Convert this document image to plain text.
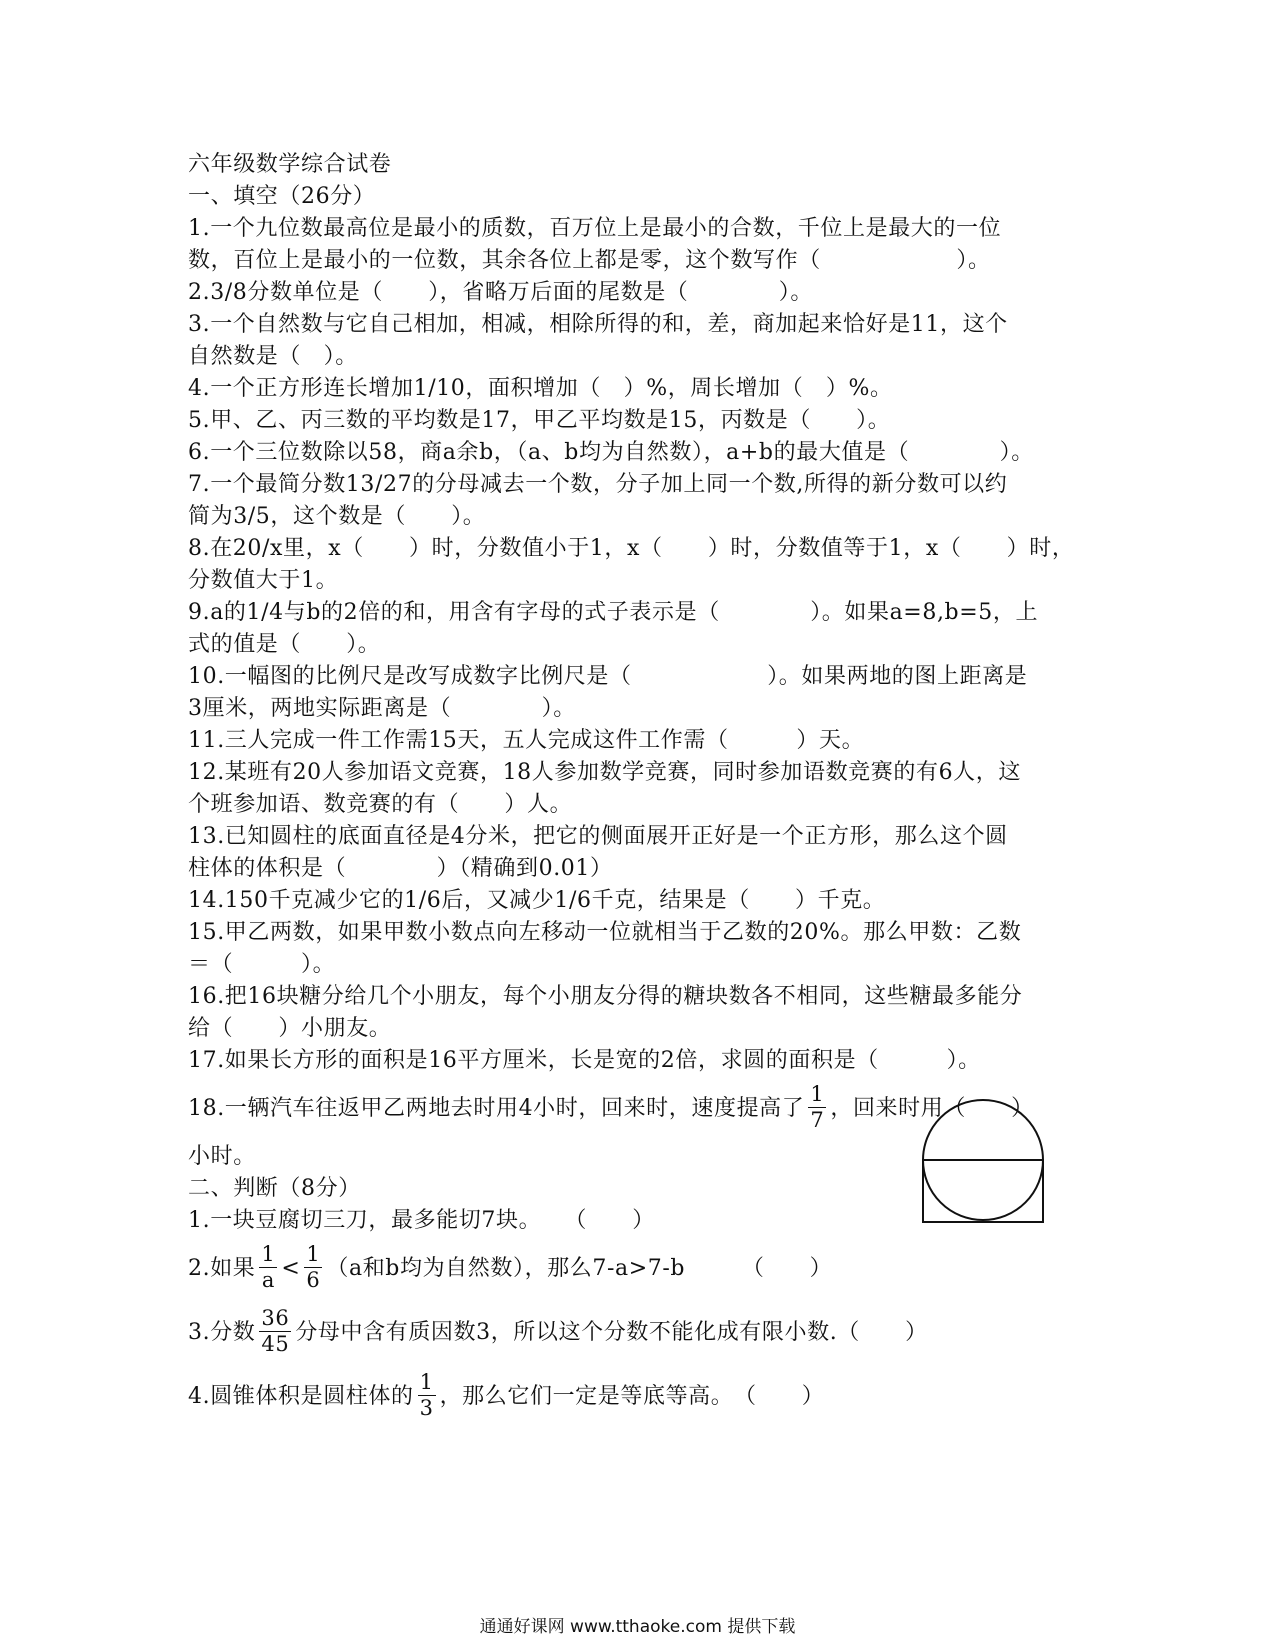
六年级数学综合试卷
一、填空（26分）
1.一个九位数最高位是最小的质数，百万位上是最小的合数，千位上是最大的一位
数，百位上是最小的一位数，其余各位上都是零，这个数写作（　　　　　　）。
2.3/8分数单位是（　　），省略万后面的尾数是（　　　　）。
3.一个自然数与它自己相加，相减，相除所得的和，差，商加起来恰好是11，这个
自然数是（　）。
4.一个正方形连长增加1/10，面积增加（　）%，周长增加（　）%。
5.甲、乙、丙三数的平均数是17，甲乙平均数是15，丙数是（　　）。
6.一个三位数除以58，商a余b，（a、b均为自然数），a+b的最大值是（　　　　）。
7.一个最简分数13/27的分母减去一个数，分子加上同一个数,所得的新分数可以约
简为3/5，这个数是（　　）。
8.在20/x里，x（　　）时，分数值小于1，x（　　）时，分数值等于1，x（　　）时，
分数值大于1。
9.a的1/4与b的2倍的和，用含有字母的式子表示是（　　　　）。如果a=8,b=5，上
式的值是（　　）。
10.一幅图的比例尺是改写成数字比例尺是（　　　　　　）。如果两地的图上距离是
3厘米，两地实际距离是（　　　　）。
11.三人完成一件工作需15天，五人完成这件工作需（　　　）天。
12.某班有20人参加语文竞赛，18人参加数学竞赛，同时参加语数竞赛的有6人，这
个班参加语、数竞赛的有（　　）人。
13.已知圆柱的底面直径是4分米，把它的侧面展开正好是一个正方形，那么这个圆
柱体的体积是（　　　　）（精确到0.01）
14.150千克减少它的1/6后，又减少1/6千克，结果是（　　）千克。
15.甲乙两数，如果甲数小数点向左移动一位就相当于乙数的20%。那么甲数：乙数
＝（　　　）。
16.把16块糖分给几个小朋友，每个小朋友分得的糖块数各不相同，这些糖最多能分
给（　　）小朋友。
17.如果长方形的面积是16平方厘米，长是宽的2倍，求圆的面积是（　　　）。
18.一辆汽车往返甲乙两地去时用4小时，回来时，速度提高了 $\frac{1}{7}$ ，回来时用（　　）
小时。
二、判断（8分）
1.一块豆腐切三刀，最多能切7块。　　（　　）
2.如果 $\frac{1}{a} < \frac{1}{6} (a$和b均为自然数），那么7-a>7-b　　　（　　）
3.分数 $\frac{36}{45}$ 分母中含有质因数3，所以这个分数不能化成有限小数.（　　）
4.圆锥体积是圆柱体的 $\frac{1}{3}$ ，那么它们一定是等底等高。　（　　）
通通好课网 www.tthaoke.com 提供下载
